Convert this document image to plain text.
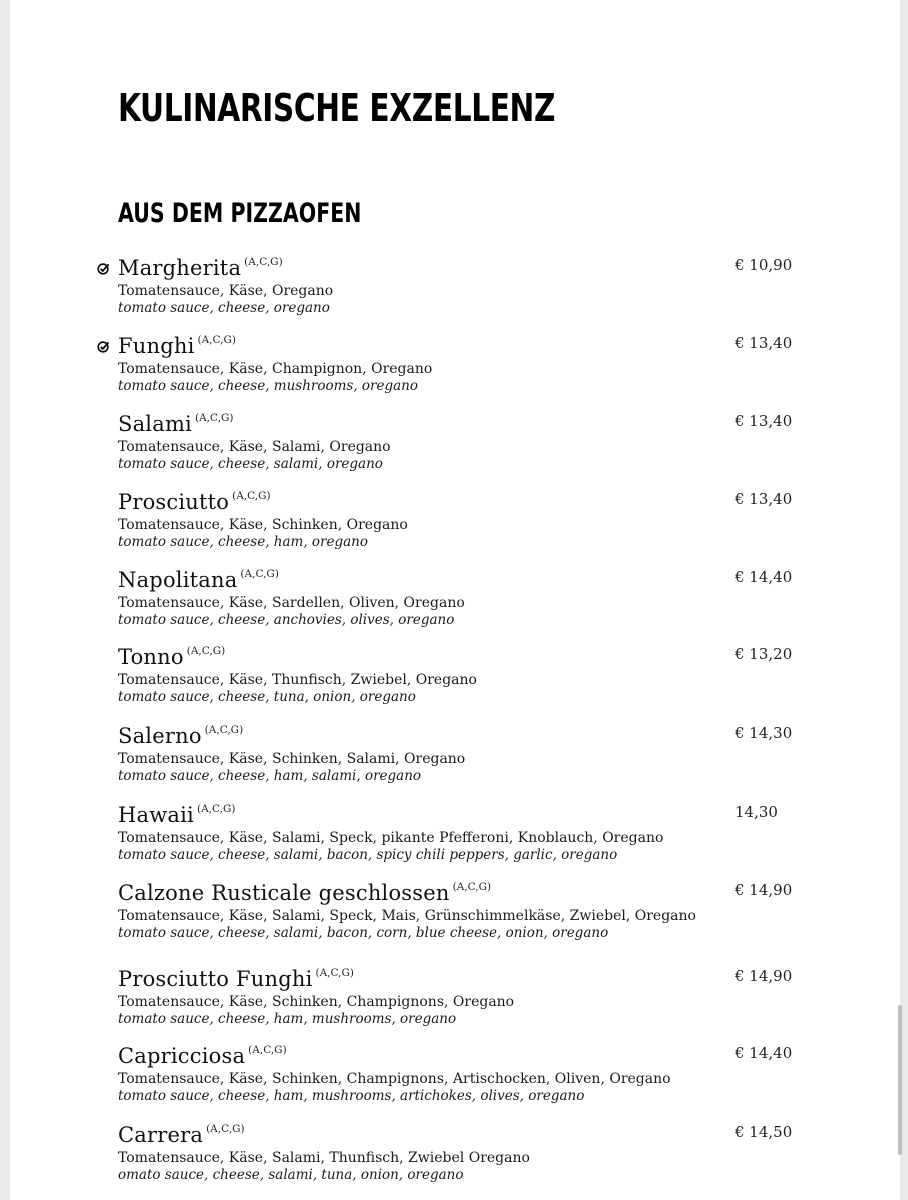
KULINARISCHE EXZELLENZ
AUS DEM PIZZAOFEN
Margherita $^{(A,C,G)}$	€ 10,90
Tomatensauce, Käse, Oregano
tomato sauce, cheese, oregano
Funghi $^{(A,C,G)}$	€ 13,40
Tomatensauce, Käse, Champignon, Oregano
tomato sauce, cheese, mushrooms, oregano
Salami $^{(A,C,G)}$	€ 13,40
Tomatensauce, Käse, Salami, Oregano
tomato sauce, cheese, salami, oregano
Prosciutto $^{(A,C,G)}$	€ 13,40
Tomatensauce, Käse, Schinken, Oregano
tomato sauce, cheese, ham, oregano
Napolitana $^{(A,C,G)}$	€ 14,40
Tomatensauce, Käse, Sardellen, Oliven, Oregano
tomato sauce, cheese, anchovies, olives, oregano
Tonno $^{(A,C,G)}$	€ 13,20
Tomatensauce, Käse, Thunfisch, Zwiebel, Oregano
tomato sauce, cheese, tuna, onion, oregano
Salerno $^{(A,C,G)}$	€ 14,30
Tomatensauce, Käse, Schinken, Salami, Oregano
tomato sauce, cheese, ham, salami, oregano
Hawaii $^{(A,C,G)}$	14,30
Tomatensauce, Käse, Salami, Speck, pikante Pfefferoni, Knoblauch, Oregano
tomato sauce, cheese, salami, bacon, spicy chili peppers, garlic, oregano
Calzone Rusticale geschlossen $^{(A,C,G)}$	€ 14,90
Tomatensauce, Käse, Salami, Speck, Mais, Grünschimmelkäse, Zwiebel, Oregano
tomato sauce, cheese, salami, bacon, corn, blue cheese, onion, oregano
Prosciutto Funghi $^{(A,C,G)}$	€ 14,90
Tomatensauce, Käse, Schinken, Champignons, Oregano
tomato sauce, cheese, ham, mushrooms, oregano
Capricciosa $^{(A,C,G)}$	€ 14,40
Tomatensauce, Käse, Schinken, Champignons, Artischocken, Oliven, Oregano
tomato sauce, cheese, ham, mushrooms, artichokes, olives, oregano
Carrera $^{(A,C,G)}$	€ 14,50
Tomatensauce, Käse, Salami, Thunfisch, Zwiebel Oregano
omato sauce, cheese, salami, tuna, onion, oregano
